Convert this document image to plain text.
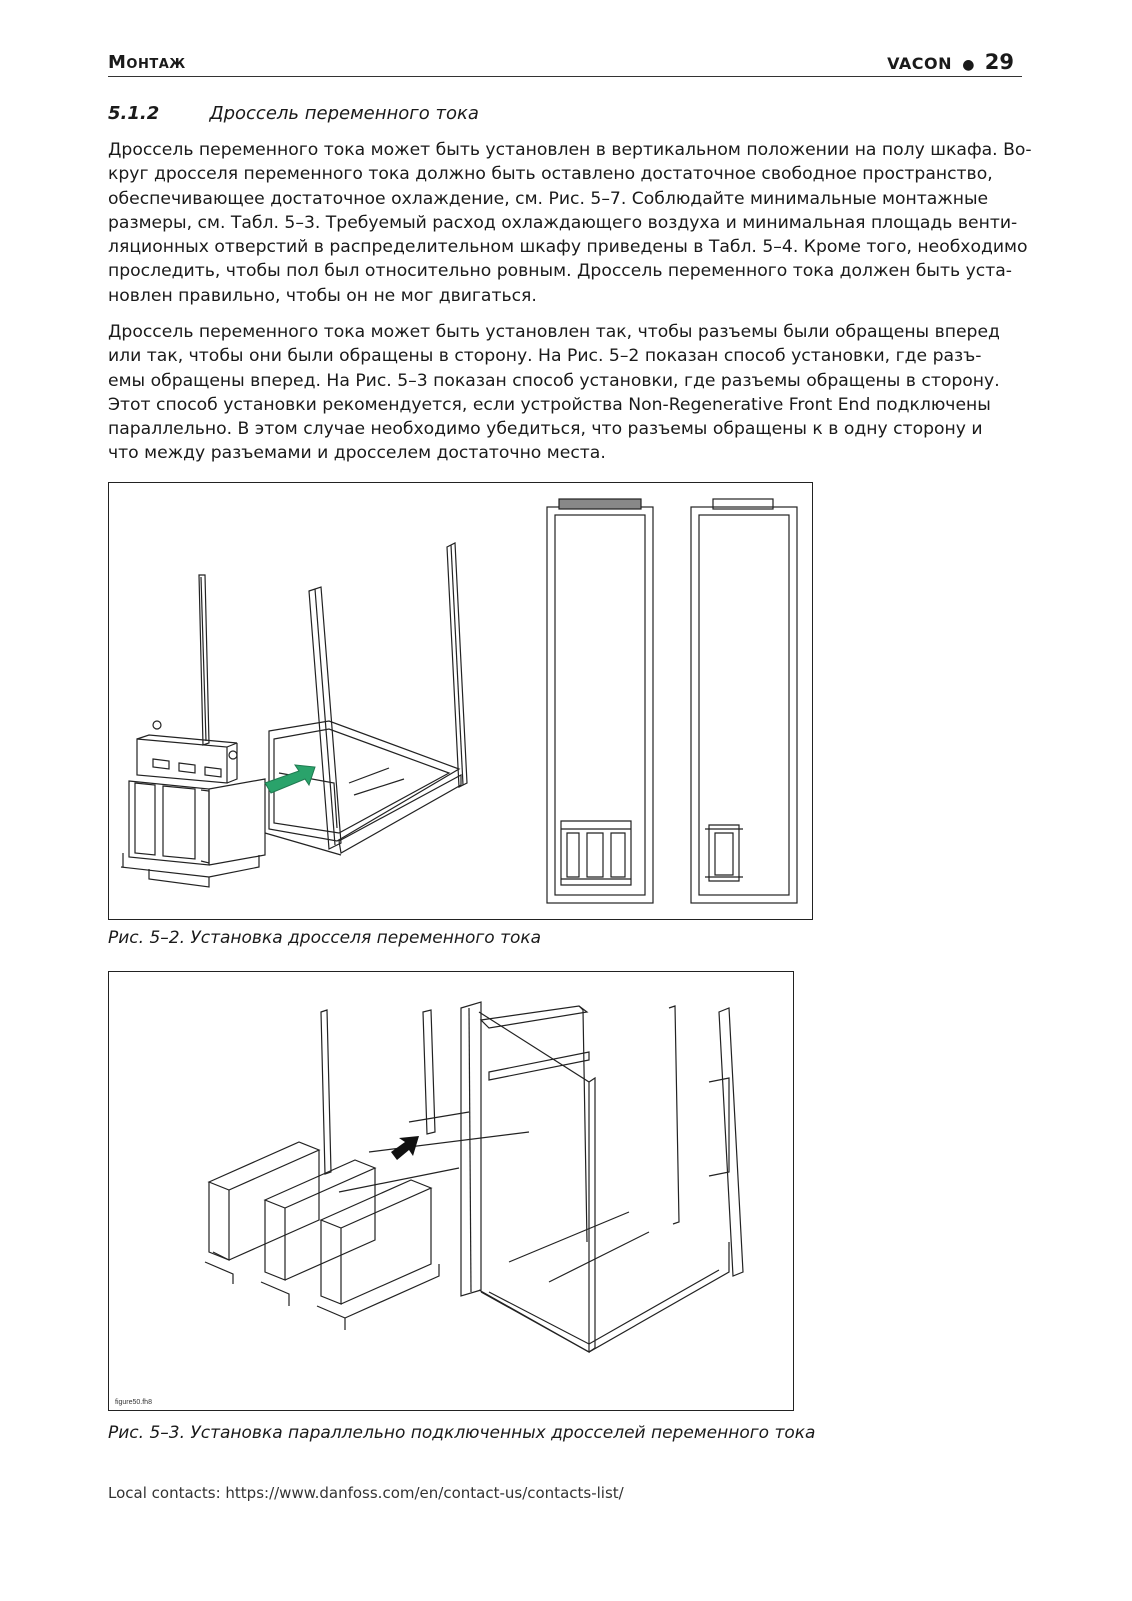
Монтаж	VACON ● 29
5.1.2	Дроссель переменного тока

Дроссель переменного тока может быть установлен в вертикальном положении на полу шкафа. Во-
круг дросселя переменного тока должно быть оставлено достаточное свободное пространство,
обеспечивающее достаточное охлаждение, см. Рис. 5–7. Соблюдайте минимальные монтажные
размеры, см. Табл. 5–3. Требуемый расход охлаждающего воздуха и минимальная площадь венти-
ляционных отверстий в распределительном шкафу приведены в Табл. 5–4. Кроме того, необходимо
проследить, чтобы пол был относительно ровным. Дроссель переменного тока должен быть уста-
новлен правильно, чтобы он не мог двигаться.

Дроссель переменного тока может быть установлен так, чтобы разъемы были обращены вперед
или так, чтобы они были обращены в сторону. На Рис. 5–2 показан способ установки, где разъ-
емы обращены вперед. На Рис. 5–3 показан способ установки, где разъемы обращены в сторону.
Этот способ установки рекомендуется, если устройства Non-Regenerative Front End подключены
параллельно. В этом случае необходимо убедиться, что разъемы обращены к в одну сторону и
что между разъемами и дросселем достаточно места.

Рис. 5–2. Установка дросселя переменного тока
figure50.fh8
Рис. 5–3. Установка параллельно подключенных дросселей переменного тока
Local contacts: https://www.danfoss.com/en/contact-us/contacts-list/
